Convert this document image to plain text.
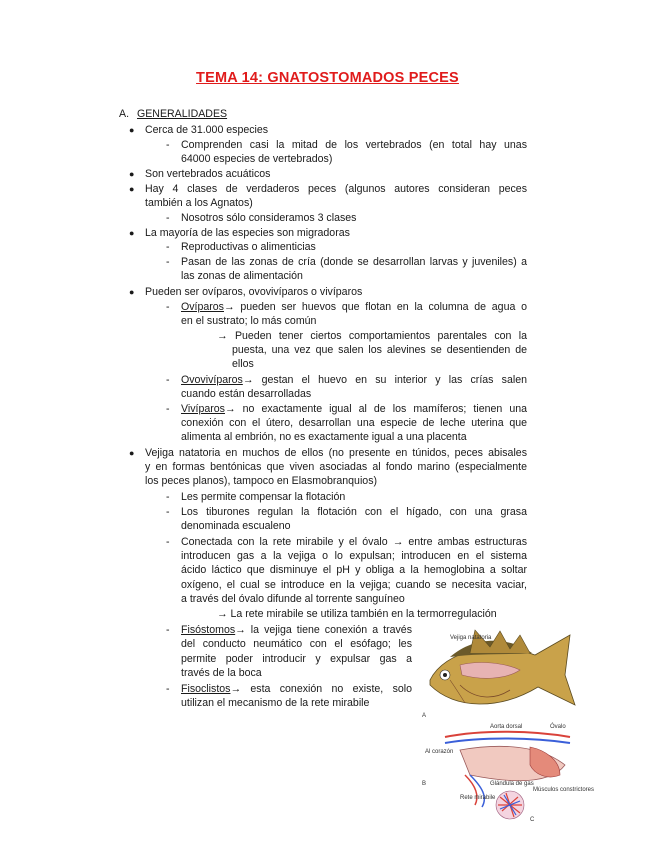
TEMA 14: GNATOSTOMADOS PECES
A. GENERALIDADES
● Cerca de 31.000 especies
- Comprenden casi la mitad de los vertebrados (en total hay unas
64000 especies de vertebrados)
● Son vertebrados acuáticos
● Hay 4 clases de verdaderos peces (algunos autores consideran peces
también a los Agnatos)
- Nosotros sólo consideramos 3 clases
● La mayoría de las especies son migradoras
- Reproductivas o alimenticias
- Pasan de las zonas de cría (donde se desarrollan larvas y juveniles) a
las zonas de alimentación
● Pueden ser ovíparos, ovovivíparos o vivíparos
- Ovíparos → pueden ser huevos que flotan en la columna de agua o
en el sustrato; lo más común
→ Pueden tener ciertos comportamientos parentales con la
puesta, una vez que salen los alevines se desentienden de
ellos
- Ovovivíparos → gestan el huevo en su interior y las crías salen
cuando están desarrolladas
- Vivíparos → no exactamente igual al de los mamíferos; tienen una
conexión con el útero, desarrollan una especie de leche uterina que
alimenta al embrión, no es exactamente igual a una placenta
● Vejiga natatoria en muchos de ellos (no presente en túnidos, peces abisales
y en formas bentónicas que viven asociadas al fondo marino (especialmente
los peces planos), tampoco en Elasmobranquios)
- Les permite compensar la flotación
- Los tiburones regulan la flotación con el hígado, con una grasa
denominada escualeno
- Conectada con la rete mirabile y el óvalo → entre ambas estructuras
introducen gas a la vejiga o lo expulsan; introducen en el sistema
ácido láctico que disminuye el pH y obliga a la hemoglobina a soltar
oxígeno, el cual se introduce en la vejiga; cuando se necesita vaciar,
a través del óvalo difunde al torrente sanguíneo
→ La rete mirabile se utiliza también en la termorregulación
- Fisóstomos → la vejiga tiene conexión a través
del conducto neumático con el esófago; les
permite poder introducir y expulsar gas a
través de la boca
- Fisoclistos → esta conexión no existe, solo
utilizan el mecanismo de la rete mirabile
Vejiga natatoria
A
Aorta dorsal	Óvalo
Al corazón
B	Glándula de gas
Rete mirabile
Músculos constrictores
C
